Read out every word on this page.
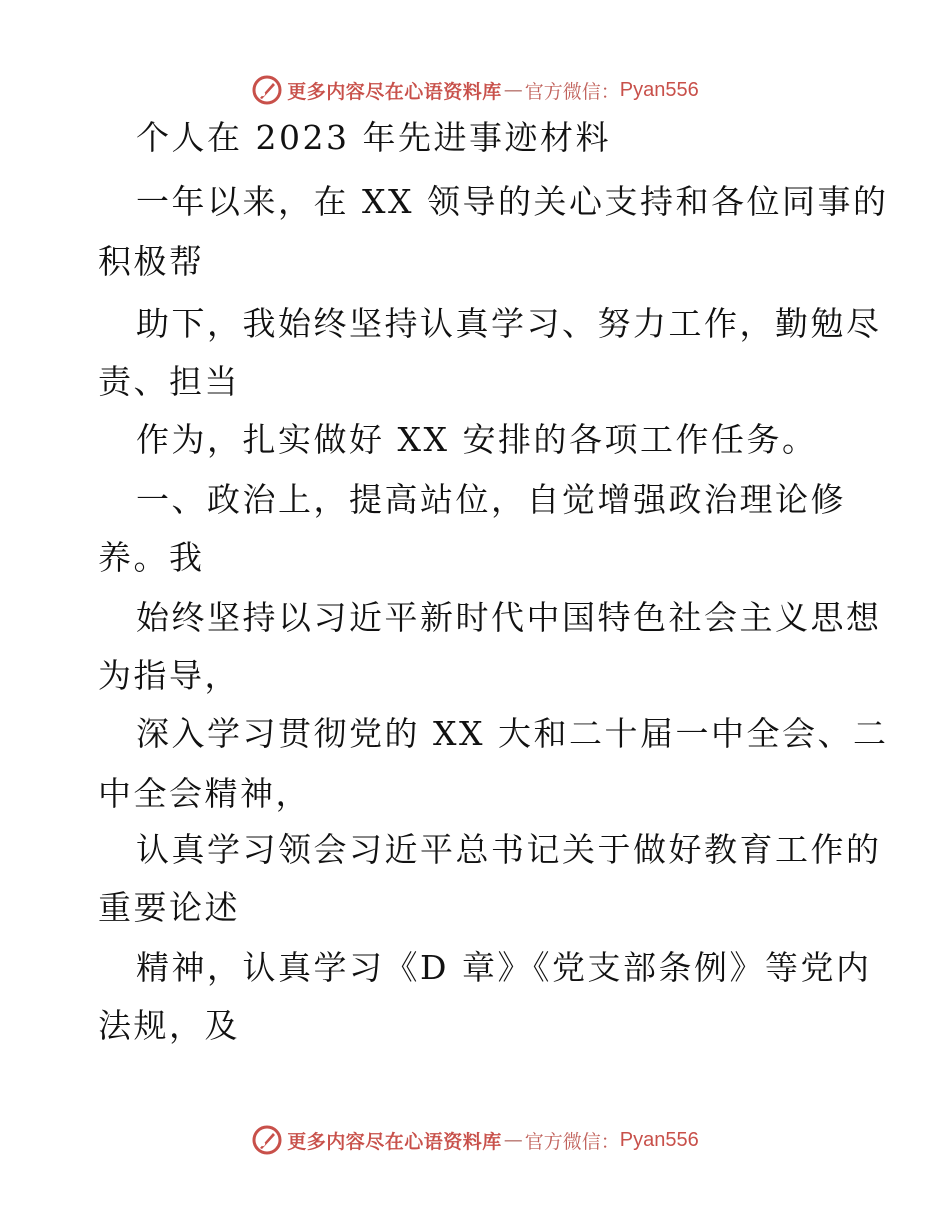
更多内容尽在心语资料库 — 官方微信： Pyan556
个人在 2023 年先进事迹材料
一年以来，在 XX 领导的关心支持和各位同事的
积极帮
助下，我始终坚持认真学习、努力工作，勤勉尽
责、担当
作为，扎实做好 XX 安排的各项工作任务。
一、政治上，提高站位，自觉增强政治理论修
养。我
始终坚持以习近平新时代中国特色社会主义思想
为指导，
深入学习贯彻党的 XX 大和二十届一中全会、二
中全会精神，
认真学习领会习近平总书记关于做好教育工作的
重要论述
精神，认真学习《D 章》《党支部条例》等党内
法规，及
更多内容尽在心语资料库 — 官方微信： Pyan556
